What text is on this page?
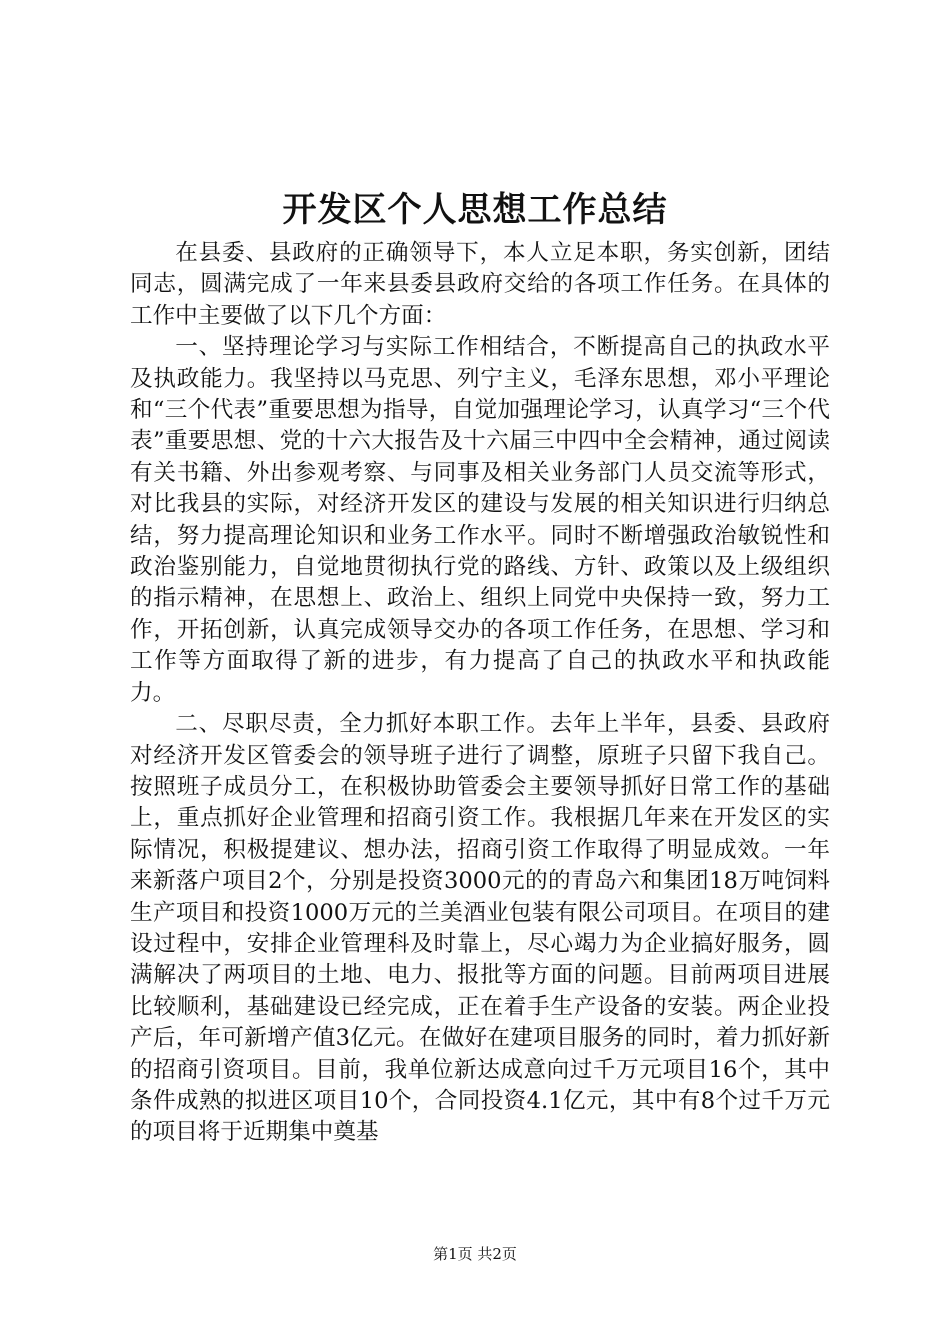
开发区个人思想工作总结

在县委、县政府的正确领导下，本人立足本职，务实创新，团结同志，圆满完成了一年来县委县政府交给的各项工作任务。在具体的工作中主要做了以下几个方面：

一、坚持理论学习与实际工作相结合，不断提高自己的执政水平及执政能力。我坚持以马克思、列宁主义，毛泽东思想，邓小平理论和“三个代表”重要思想为指导，自觉加强理论学习，认真学习“三个代表”重要思想、党的十六大报告及十六届三中四中全会精神，通过阅读有关书籍、外出参观考察、与同事及相关业务部门人员交流等形式，对比我县的实际，对经济开发区的建设与发展的相关知识进行归纳总结，努力提高理论知识和业务工作水平。同时不断增强政治敏锐性和政治鉴别能力，自觉地贯彻执行党的路线、方针、政策以及上级组织的指示精神，在思想上、政治上、组织上同党中央保持一致，努力工作，开拓创新，认真完成领导交办的各项工作任务，在思想、学习和工作等方面取得了新的进步，有力提高了自己的执政水平和执政能力。

二、尽职尽责，全力抓好本职工作。去年上半年，县委、县政府对经济开发区管委会的领导班子进行了调整，原班子只留下我自己。按照班子成员分工，在积极协助管委会主要领导抓好日常工作的基础上，重点抓好企业管理和招商引资工作。我根据几年来在开发区的实际情况，积极提建议、想办法，招商引资工作取得了明显成效。一年来新落户项目2个，分别是投资3000元的的青岛六和集团18万吨饲料生产项目和投资1000万元的兰美酒业包装有限公司项目。在项目的建设过程中，安排企业管理科及时靠上，尽心竭力为企业搞好服务，圆满解决了两项目的土地、电力、报批等方面的问题。目前两项目进展比较顺利，基础建设已经完成，正在着手生产设备的安装。两企业投产后，年可新增产值3亿元。在做好在建项目服务的同时，着力抓好新的招商引资项目。目前，我单位新达成意向过千万元项目16个，其中条件成熟的拟进区项目10个，合同投资4.1亿元，其中有8个过千万元的项目将于近期集中奠基

第1页 共2页
